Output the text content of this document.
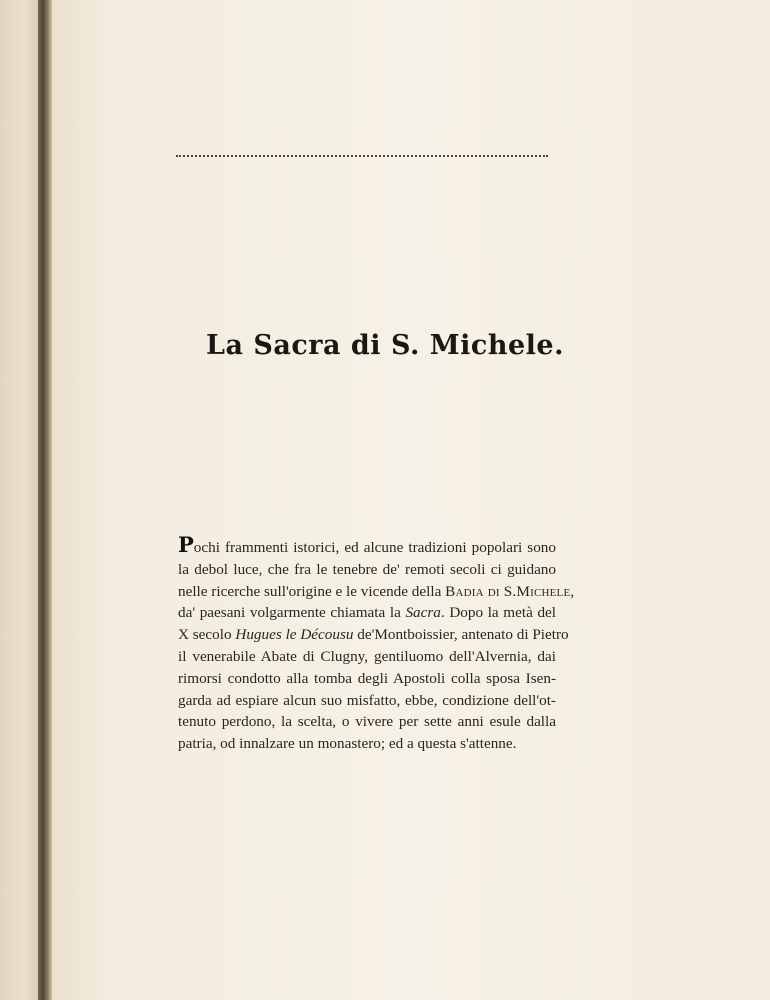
La Sacra di S. Michele.
Pochi frammenti istorici, ed alcune tradizioni popolari sono
la debol luce, che fra le tenebre de' remoti secoli ci guidano
nelle ricerche sull'origine e le vicende della Badia di S.Michele,
da' paesani volgarmente chiamata la Sacra. Dopo la metà del
X secolo Hugues le Décousu de'Montboissier, antenato di Pietro
il venerabile Abate di Clugny, gentiluomo dell'Alvernia, dai
rimorsi condotto alla tomba degli Apostoli colla sposa Isen-
garda ad espiare alcun suo misfatto, ebbe, condizione dell'ot-
tenuto perdono, la scelta, o vivere per sette anni esule dalla
patria, od innalzare un monastero; ed a questa s'attenne.
